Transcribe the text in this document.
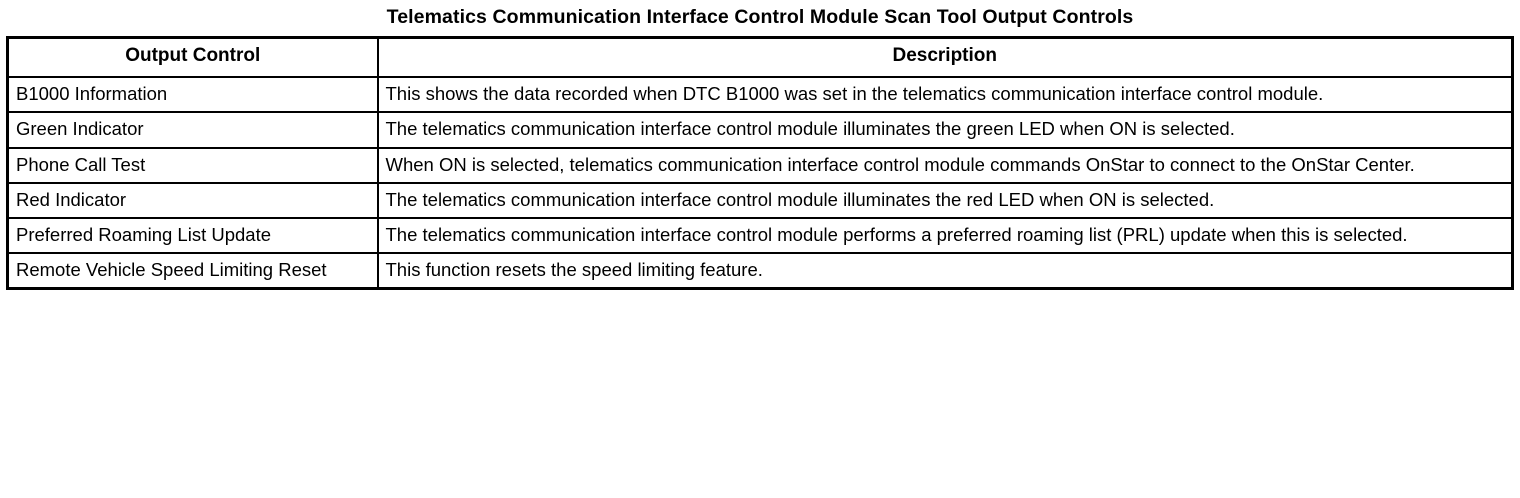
Telematics Communication Interface Control Module Scan Tool Output Controls
Output Control	Description
B1000 Information	This shows the data recorded when DTC B1000 was set in the telematics communication interface control module.
Green Indicator	The telematics communication interface control module illuminates the green LED when ON is selected.
Phone Call Test	When ON is selected, telematics communication interface control module commands OnStar to connect to the OnStar Center.
Red Indicator	The telematics communication interface control module illuminates the red LED when ON is selected.
Preferred Roaming List Update	The telematics communication interface control module performs a preferred roaming list (PRL) update when this is selected.
Remote Vehicle Speed Limiting Reset	This function resets the speed limiting feature.
